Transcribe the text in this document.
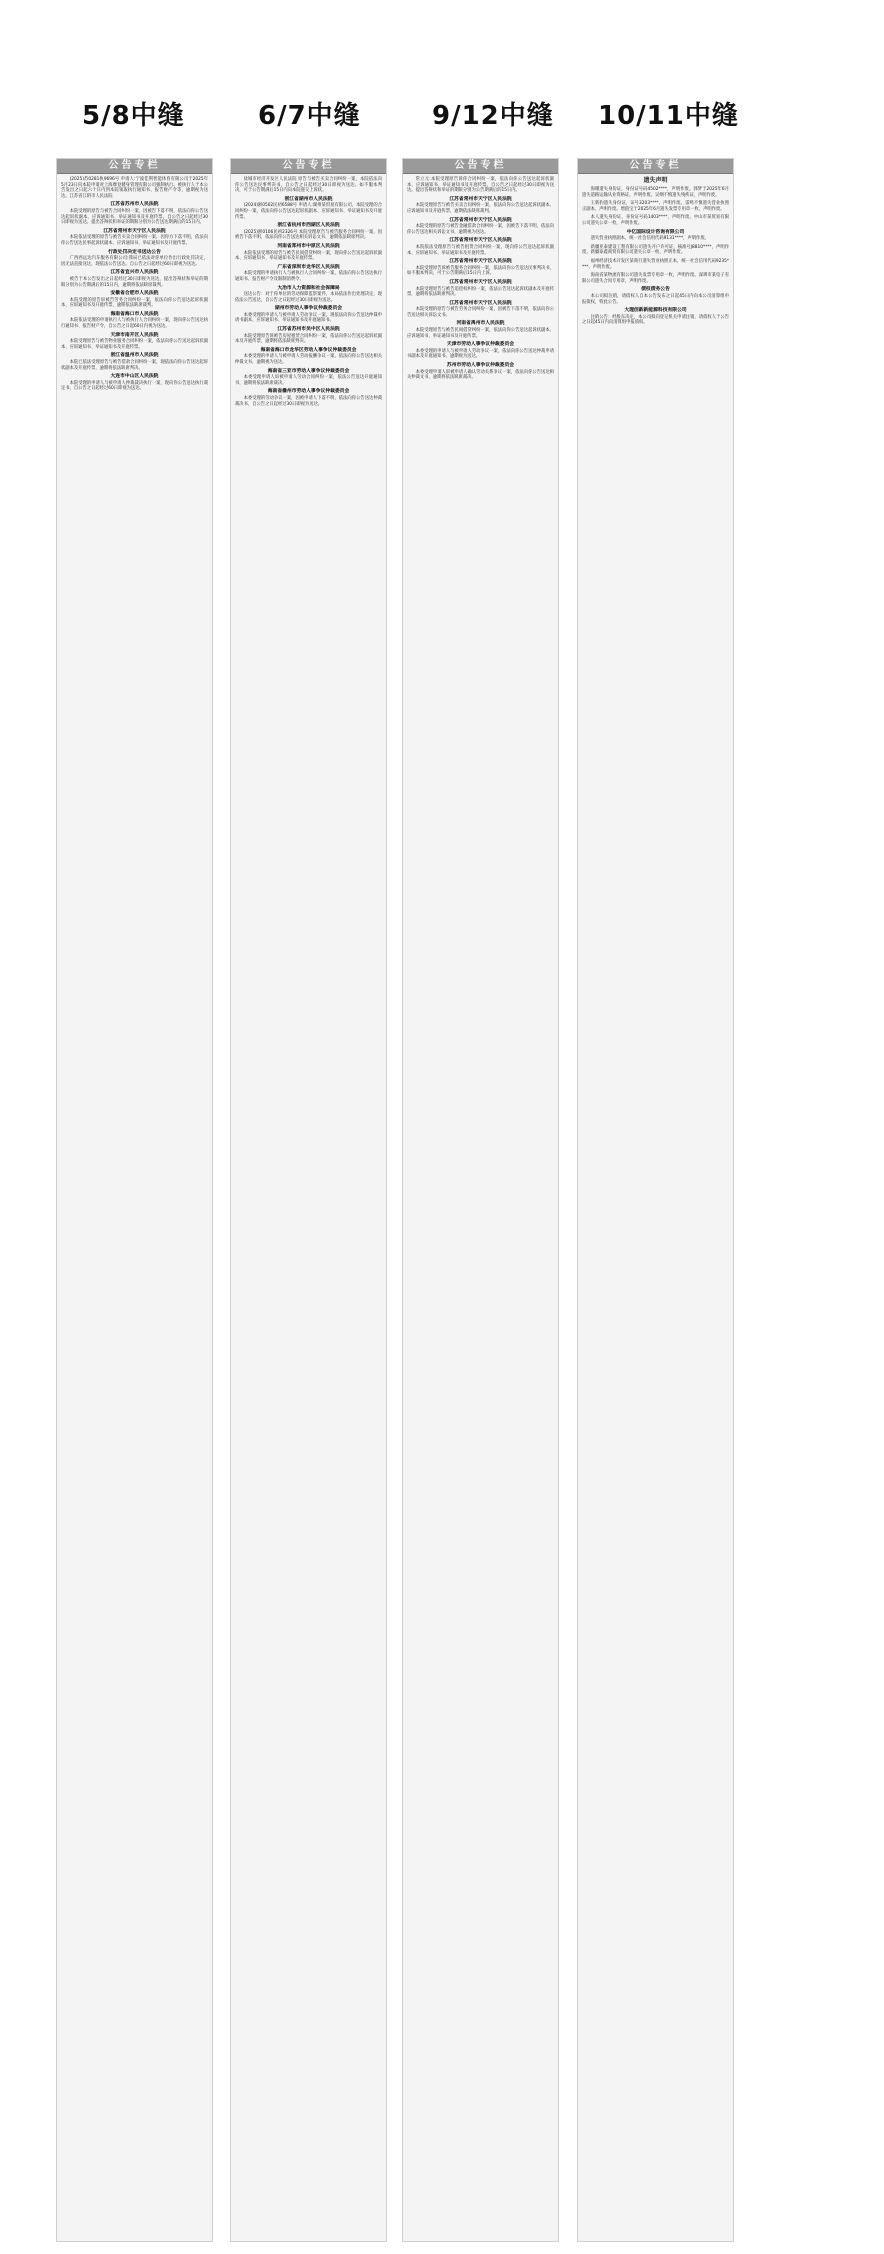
5/8中缝	6/7中缝	9/12中缝 10/11中缝
公告专栏
(2025)苏0281执9696号 申请人:宁波佳利智能体育有限公司于2025年5月23日向本院申请对上海摩登健身管理有限公司强制执行。被执行人于本公告发出之日起六十日内到本院领取执行通知书、报告财产令等，逾期视为送达。江苏省江阴市人民法院
江苏省苏州市人民法院
本院受理的原告与被告合同纠纷一案，因被告下落不明，依法向你公告送达起诉状副本、应诉通知书、举证通知书及开庭传票。自公告之日起经过30日即视为送达。提出答辩状和举证的期限分别为公告送达期满后的15日内。
江苏省常州市天宁区人民法院
本院依法受理的原告与被告买卖合同纠纷一案，因你方下落不明，依法向你公告送达民事起诉状副本、应诉通知书、举证通知书及开庭传票。
行政处罚决定书送达公告
广西西远达汽车服务有限公司:我局已依法对你单位作出行政处罚决定，因无法直接送达，现依法公告送达。自公告之日起经过60日即视为送达。
江苏省宜兴市人民法院
被告于本公告发出之日起经过30日即视为送达，提出答辩状和举证的期限分别为公告期满后的15日内，逾期将依法缺席裁判。
安徽省合肥市人民法院
本院受理的原告诉被告劳务合同纠纷一案，依法向你公告送达起诉状副本、应诉通知书及开庭传票，逾期依法缺席裁判。
海南省海口市人民法院
本院依法受理的申请执行人与被执行人合同纠纷一案，现向你公告送达执行通知书、报告财产令，自公告之日起60日内视为送达。
天津市南开区人民法院
本院受理原告与被告物业服务合同纠纷一案，依法向你公告送达起诉状副本、应诉通知书、举证通知书及开庭传票。
浙江省温州市人民法院
本院已依法受理原告与被告借款合同纠纷一案，现依法向你公告送达起诉状副本及开庭传票，逾期将依法缺席判决。
大连市中山区人民法院
本院受理的申请人与被申请人仲裁裁决执行一案，现向你公告送达执行裁定书，自公告之日起经过60日即视为送达。
公告专栏
盐城市经济开发区人民法院 原告与被告买卖合同纠纷一案，本院依法向你公告送达民事判决书，自公告之日起经过30日即视为送达。如不服本判决，可于公告期满后15日内向本院递交上诉状。
浙江省湖州市人民法院
(2024)浙0502民初6588号 申请人:湖州某贸易有限公司，本院受理的合同纠纷一案，依法向你公告送达起诉状副本、应诉通知书、举证通知书及开庭传票。
浙江省杭州市西湖区人民法院
(2025)浙0106民初2326号 本院受理原告与被告服务合同纠纷一案，因被告下落不明，依法向你公告送达相关诉讼文书，逾期依法缺席判决。
河南省郑州市中原区人民法院
本院依法受理的原告与被告民间借贷纠纷一案，现向你公告送达起诉状副本、应诉通知书、举证通知书及开庭传票。
广东省深圳市龙华区人民法院
本院受理的申请执行人与被执行人合同纠纷一案，依法向你公告送达执行通知书、报告财产令及限制消费令。
大冶市人力资源和社会保障局
送达公告：对于你单位的劳动保障监察案件，本局依法作出处理决定，现依法公告送达，自公告之日起经过30日即视为送达。
湖州市劳动人事争议仲裁委员会
本委受理的申请人与被申请人劳动争议一案，现依法向你公告送达仲裁申请书副本、应诉通知书、举证通知书及开庭通知书。
江苏省苏州市吴中区人民法院
本院受理原告诉被告房屋租赁合同纠纷一案，依法向你公告送达起诉状副本及开庭传票，逾期将依法缺席判决。
海南省海口市龙华区劳动人事争议仲裁委员会
本委受理的申请人与被申请人劳动报酬争议一案，依法向你公告送达相关仲裁文书，逾期视为送达。
海南省三亚市劳动人事争议仲裁委员会
本委受理申请人诉被申请人劳动合同纠纷一案，依法公告送达开庭通知书，逾期将依法缺席裁决。
海南省儋州市劳动人事争议仲裁委员会
本委受理的劳动争议一案，因被申请人下落不明，依法向你公告送达仲裁裁决书，自公告之日起经过30日即视为送达。
公告专栏
常立元:本院受理原告诉你合同纠纷一案，依法向你公告送达起诉状副本、应诉通知书、举证通知书及开庭传票。自公告之日起经过30日即视为送达。提出答辩状和举证的期限分别为公告期满后的15日内。
江苏省常州市天宁区人民法院
本院受理原告与被告买卖合同纠纷一案，依法向你公告送达起诉状副本、应诉通知书及开庭传票，逾期依法缺席裁判。
江苏省常州市天宁区人民法院
本院受理的原告与被告金融借款合同纠纷一案，因被告下落不明，依法向你公告送达相关诉讼文书，逾期视为送达。
江苏省常州市天宁区人民法院
本院依法受理原告与被告租赁合同纠纷一案，现向你公告送达起诉状副本、应诉通知书、举证通知书及开庭传票。
江苏省常州市天宁区人民法院
本院受理原告诉被告服务合同纠纷一案，依法向你公告送达民事判决书，如不服本判决，可于公告期满后15日内上诉。
江苏省常州市天宁区人民法院
本院受理原告与被告追偿权纠纷一案，依法公告送达起诉状副本及开庭传票，逾期将依法缺席判决。
江苏省常州市天宁区人民法院
本院受理的原告与被告劳务合同纠纷一案，因被告下落不明，依法向你公告送达相关诉讼文书。
河南省禹州市人民法院
本院受理原告与被告民间借贷纠纷一案，依法向你公告送达起诉状副本、应诉通知书、举证通知书及开庭传票。
天津市劳动人事争议仲裁委员会
本委受理的申请人与被申请人劳动争议一案，依法向你公告送达仲裁申请书副本及开庭通知书，逾期视为送达。
苏州市劳动人事争议仲裁委员会
本委受理申请人诉被申请人确认劳动关系争议一案，依法向你公告送达相关仲裁文书，逾期将依法缺席裁决。
公告专栏
遗失声明
海珊遗失身份证，身份证号码4502****，声明作废。郭梦于2025年6月遗失道路运输从业资格证，声明作废。吴纲不慎遗失残疾证，声明作废。
王新豹遗失身份证，证号3203****，声明作废。雷鸣不慎遗失营业执照正副本，声明作废。增值宝于2025年6月遗失发票专用章一枚，声明作废。
本人遗失身份证，身份证号码1403****，声明作废。中山市某贸易有限公司遗失公章一枚，声明作废。
中亿国际设计咨询有限公司
遗失营业执照副本，统一社会信用代码9131****，声明作废。
新疆亚泰建设工程有限公司遗失开户许可证，核准号J8810****，声明作废。新疆泰鑫商贸有限公司遗失公章一枚，声明作废。
福州经济技术开发区某商行遗失营业执照正本，统一社会信用代码9235****，声明作废。
海南省某物流有限公司遗失发票专用章一枚，声明作废。深圳市某电子有限公司遗失合同专用章，声明作废。
债权债务公告
本公司拟注销，请债权人自本公告发布之日起45日内向本公司清算组申报债权，特此公告。
大理创新新能源科技有限公司
注销公告：经股东决定，本公司拟向登记机关申请注销，请债权人于公告之日起45日内向清算组申报债权。
